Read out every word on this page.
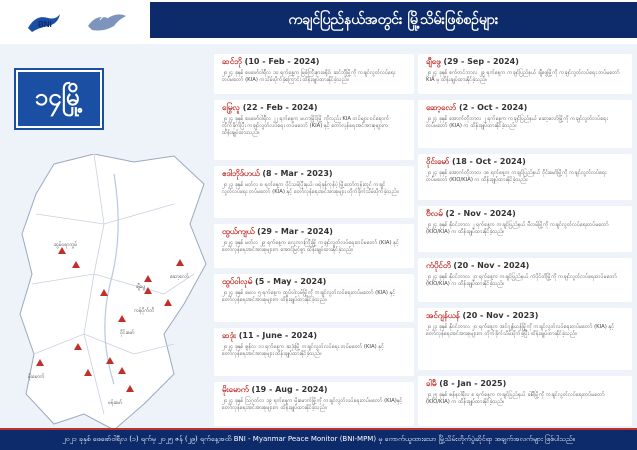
BNI	ကချင်ပြည်နယ်အတွင်း မြို့သိမ်းဖြစ်စဉ်များ
၁၄မြို့
ဆွမ်ပရာဘွမ်
ဆော့လော်
ချီဖွေ
ဝိုင်းမော်
ကန်ပိုက်တိ
မိုးမောက်
ဗန်းမော်
ဆင်ဘို (10 - Feb - 2024)
၂၀၂၄ ခုနှစ် ဖေဖော်ဝါရီလ ၁၀ ရက်နေ့က မြစ်ကြီးနားခရိုင်၊ ဆင်ဘိုမြို့ကို ကချင်လွတ်လပ်ရေးတပ်မတော် (KIA) ကသိမ်းပိုက်ခဲ့ကြောင်း ထိန်းချုပ်ထားနိုင်ခဲ့သည်။
မြွေလူ (22 - Feb - 2024)
၂၀၂၄ ခုနှစ် ဖေဖော်ဝါရီလ ၂၂ ရက်နေ့က မဟာမြိုင်မြို့ ကိုလည်း KIA တပ်များ ဝင်ရောက်တိုက်ခိုက်ပြီး ကချင်လွတ်လပ်ရေး တပ်မတော် (KIA) နှင့် တော်လှန်ရေးအင်အားစုများက ထိန်းချုပ်ထားသည်။
ဧဒါဘိုဒ်ဟယ် (8 - Mar - 2023)
၂၀၂၃ ခုနှစ် မတ်လ ၈ ရက်နေ့က ပိုင်သမ်ပြီးနယ်၊ ဖရဲခုန်ကုန်ပဲ့ မြို့တော်ကုန်းတွင် ကချင်လွတ်လပ်ရေး တပ်မတော် (KIA) နှင့် တော်လှန်ရေးအင်အားစုများ တိုက်ခိုက်သိမ်းပိုက်ခဲ့သည်။
ထွယ်ကျယ် (29 - Mar - 2024)
၂၀၂၄ ခုနှစ် မတ်လ ၂၉ ရက်နေ့က လှေကားကြီးမြို့ ကချင်လွတ်လပ်ရေးတပ်မတော် (KIA) နှင့် တော်လှန်ရေးအင်အားစုများက အောင်မြင်စွာ ထိန်းချုပ်ထားနိုင်ခဲ့သည်။
ထွပ်ဝါလုမ် (5 - May - 2024)
၂၀၂၄ ခုနှစ် မေလ ၅ ရက်နေ့က ထွပ်ဝါလုမ်မြို့ကို ကချင်လွတ်လပ်ရေးတပ်မတော် (KIA) နှင့် တော်လှန်ရေးအင်အားစုများက ထိန်းချုပ်ထားနိုင်ခဲ့သည်။
ဆဒုံး (11 - June - 2024)
၂၀၂၄ ခုနှစ် ဇွန်လ ၁၁ ရက်နေ့က ဆဒုံးမြို့ ကချင်လွတ်လပ်ရေး တပ်မတော် (KIA) နှင့် တော်လှန်ရေးအင်အားစုများ ထိန်းချုပ်ထားနိုင်ခဲ့သည်။
မိုးမောက် (19 - Aug - 2024)
၂၀၂၄ ခုနှစ် ဩဂုတ်လ ၁၉ ရက်နေ့က မိုးမောက်မြို့ကို ကချင်လွတ်လပ်ရေးတပ်မတော် (KIA)နှင့် တော်လှန်ရေးအင်အားစုများက ထိန်းချုပ်ထားနိုင်ခဲ့သည်။
ချီဖွေ (29 - Sep - 2024)
၂၀၂၄ ခုနှစ် စက်တင်ဘာလ ၂၉ ရက်နေ့က ကချင်ပြည်နယ် ချီဖွေမြို့ကို ကချင်လွတ်လပ်ရေး တပ်မတော် KIA မှ ထိန်းချုပ်ထားနိုင်ခဲ့သည်။
ဆော့လော် (2 - Oct - 2024)
၂၀၂၄ ခုနှစ် အောက်တိုဘာလ ၂ ရက်နေ့က ကချင်ပြည်နယ် ဆော့လော်မြို့ကို ကချင်လွတ်လပ်ရေးတပ်မတော် (KIA) က ထိန်းချုပ်ထားနိုင်ခဲ့သည်။
ဝိုင်းမော် (18 - Oct - 2024)
၂၀၂၄ ခုနှစ် အောက်တိုဘာလ ၁၈ ရက်နေ့က ကချင်ပြည်နယ် ဝိုင်းမော်မြို့ကို ကချင်လွတ်လပ်ရေးတပ်မတော် (KIO/KIA) က ထိန်းချုပ်ထားနိုင်ခဲ့သည်။
ဗီလမ် (2 - Nov - 2024)
၂၀၂၄ ခုနှစ် နိုဝင်ဘာလ ၂ ရက်နေ့က ကချင်ပြည်နယ် ဗီလမ်မြို့ကို ကချင်လွတ်လပ်ရေးတပ်မတော် (KIO/KIA) က ထိန်းချုပ်ထားနိုင်ခဲ့သည်။
ကံပိုင်တိ (20 - Nov - 2024)
၂၀၂၄ ခုနှစ် နိုဝင်ဘာလ ၂၀ ရက်နေ့က ကချင်ပြည်နယ် ကံပိုင်တိမြို့ကို ကချင်လွတ်လပ်ရေးတပ်မတော် (KIO/KIA) က ထိန်းချုပ်ထားနိုင်ခဲ့သည်။
အင်ဂျန်ယန် (20 - Nov - 2023)
၂၀၂၃ ခုနှစ် နိုဝင်ဘာလ ၂၀ ရက်နေ့က အင်ဂျန်ယန်မြို့ကို ကချင်လွတ်လပ်ရေးတပ်မတော် (KIA) နှင့် တော်လှန်ရေးအင်အားစုများက တိုက်ခိုက်သိမ်းပိုက်ခဲ့ပြီး ထိန်းချုပ်ထားနိုင်ခဲ့သည်။
ခါမီ (8 - Jan - 2025)
၂၀၂၅ ခုနှစ် ဇန်နဝါရီလ ၈ ရက်နေ့က ကချင်ပြည်နယ် ခါမီမြို့ကို ကချင်လွတ်လပ်ရေးတပ်မတော် (KIO/KIA) က ထိန်းချုပ်ထားနိုင်ခဲ့သည်။
၂၀၂၁ ခုနှစ် ဖေဖော်ဝါရီလ (၁) ရက်မှ ၂၀၂၅ ဇန် (၂၉) ရက်နေ့အထိ BNI - Myanmar Peace Monitor (BNI-MPM) မှ ကောက်ယူထားသော မြို့သိမ်းတိုက်ပွဲဆိုင်ရာ အချက်အလက်များ ဖြစ်ပါသည်။
